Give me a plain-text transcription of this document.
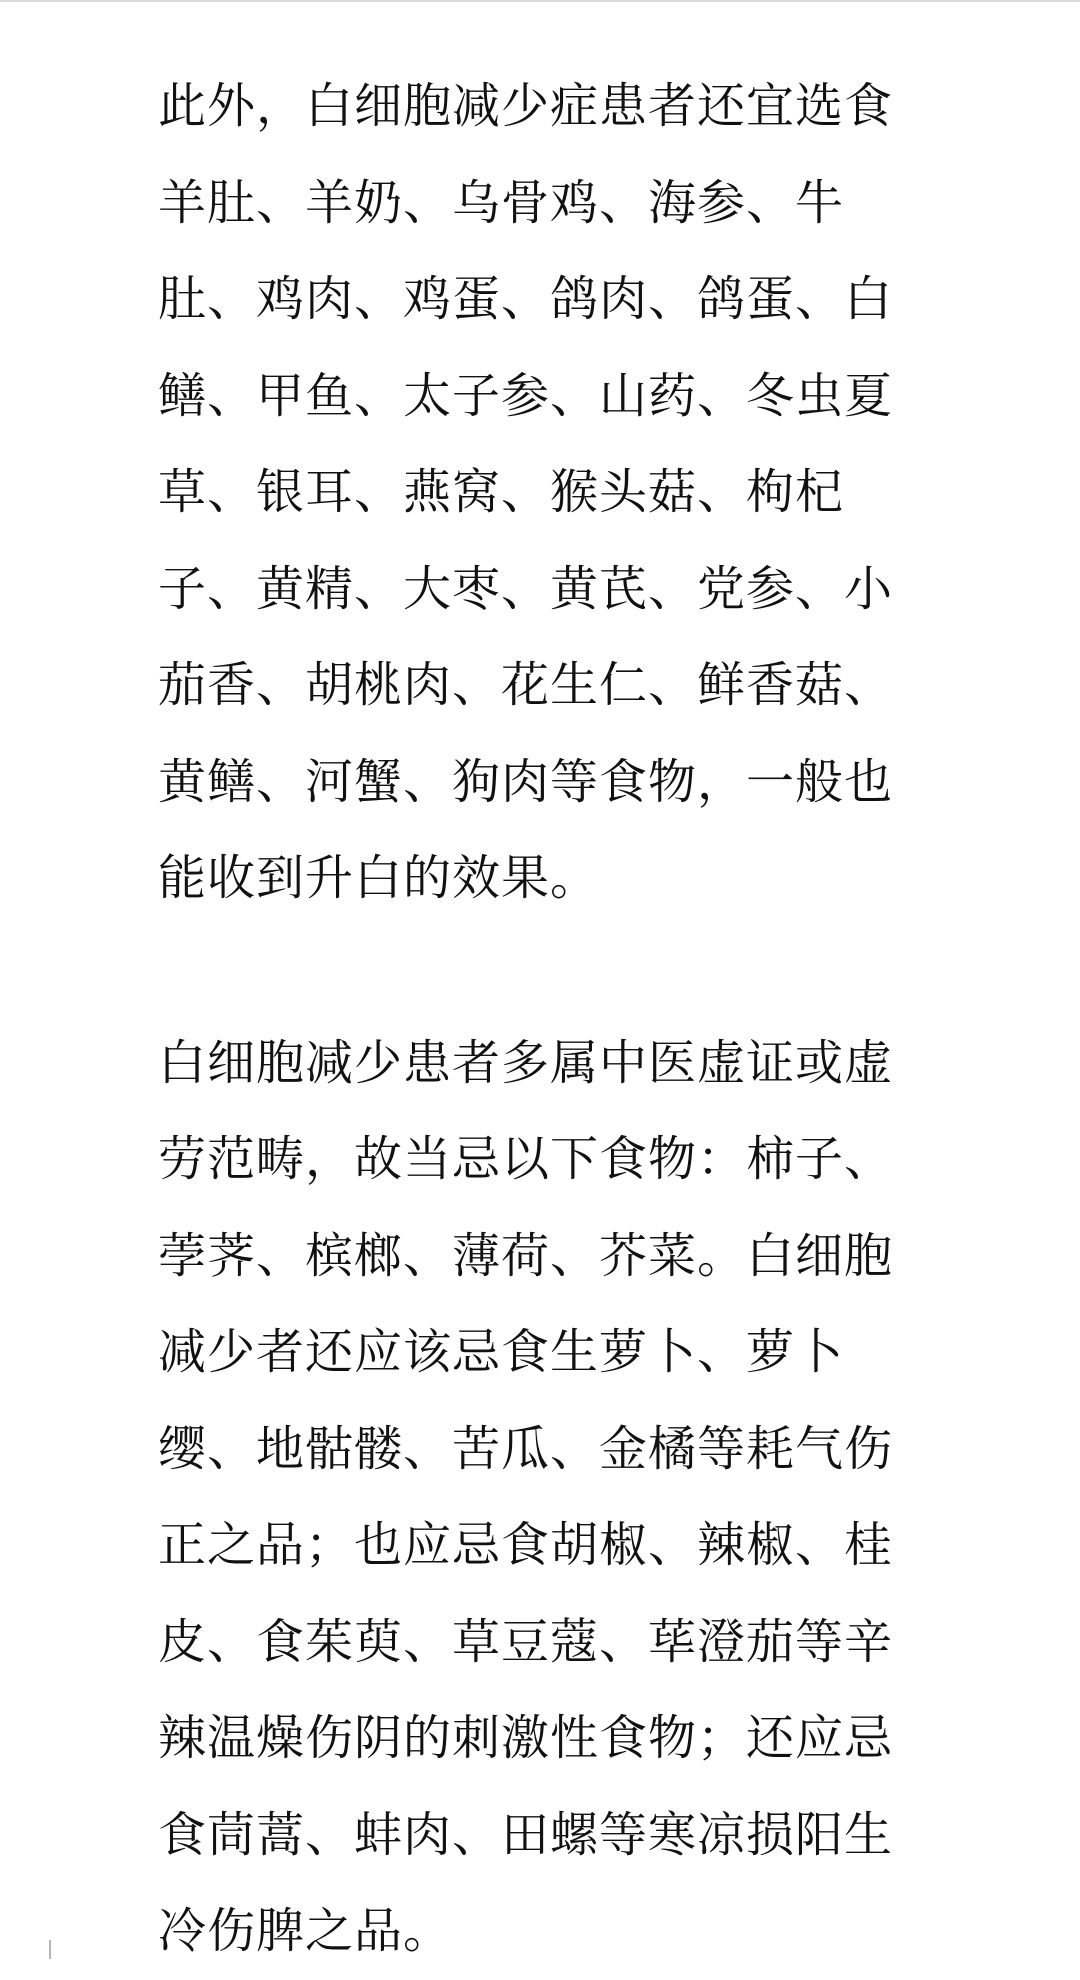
此外，白细胞减少症患者还宜选食羊肚、羊奶、乌骨鸡、海参、牛肚、鸡肉、鸡蛋、鸽肉、鸽蛋、白鳝、甲鱼、太子参、山药、冬虫夏草、银耳、燕窝、猴头菇、枸杞子、黄精、大枣、黄芪、党参、小茄香、胡桃肉、花生仁、鲜香菇、黄鳝、河蟹、狗肉等食物，一般也能收到升白的效果。

白细胞减少患者多属中医虚证或虚劳范畴，故当忌以下食物：柿子、荸荠、槟榔、薄荷、芥菜。白细胞减少者还应该忌食生萝卜、萝卜缨、地骷髅、苦瓜、金橘等耗气伤正之品；也应忌食胡椒、辣椒、桂皮、食茱萸、草豆蔻、荜澄茄等辛辣温燥伤阴的刺激性食物；还应忌食茼蒿、蚌肉、田螺等寒凉损阳生冷伤脾之品。
